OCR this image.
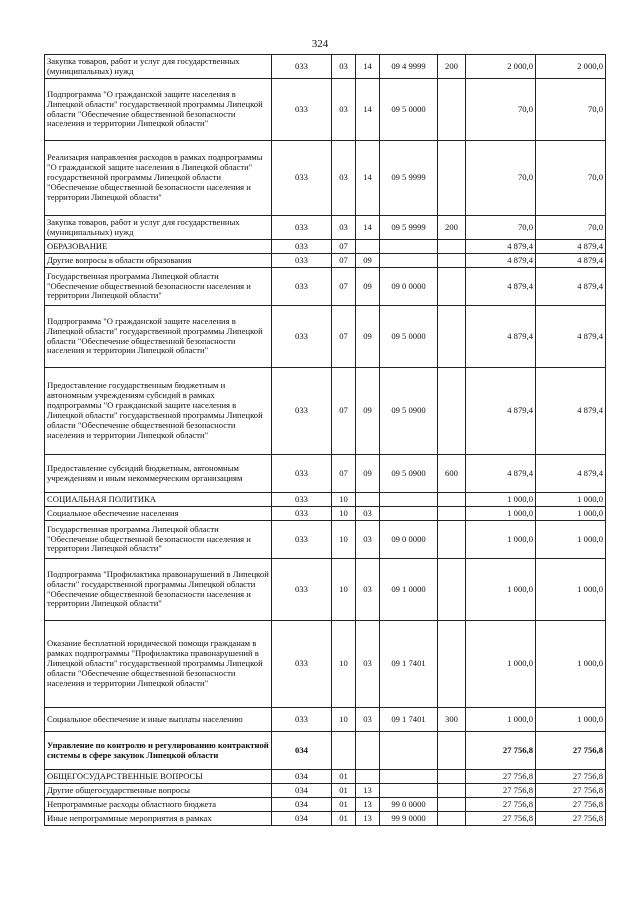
324
Закупка товаров, работ и услуг для государственных (муниципальных) нужд	033	03	14	09 4 9999	200	2 000,0	2 000,0
Подпрограмма "О гражданской защите населения в Липецкой области" государственной программы Липецкой области "Обеспечение общественной безопасности населения и территории Липецкой области"	033	03	14	09 5 0000		70,0	70,0
Реализация направления расходов в рамках подпрограммы "О гражданской защите населения в Липецкой области" государственной программы Липецкой области "Обеспечение общественной безопасности населения и территории Липецкой области"	033	03	14	09 5 9999		70,0	70,0
Закупка товаров, работ и услуг для государственных (муниципальных) нужд	033	03	14	09 5 9999	200	70,0	70,0
ОБРАЗОВАНИЕ	033	07				4 879,4	4 879,4
Другие вопросы в области образования	033	07	09			4 879,4	4 879,4
Государственная программа Липецкой области "Обеспечение общественной безопасности населения и территории Липецкой области"	033	07	09	09 0 0000		4 879,4	4 879,4
Подпрограмма "О гражданской защите населения в Липецкой области" государственной программы Липецкой области "Обеспечение общественной безопасности населения и территории Липецкой области"	033	07	09	09 5 0000		4 879,4	4 879,4
Предоставление государственным бюджетным и автономным учреждениям субсидий в рамках подпрограммы "О гражданской защите населения в Липецкой области" государственной программы Липецкой области "Обеспечение общественной безопасности населения и территории Липецкой области"	033	07	09	09 5 0900		4 879,4	4 879,4
Предоставление субсидий бюджетным, автономным учреждениям и иным некоммерческим организациям	033	07	09	09 5 0900	600	4 879,4	4 879,4
СОЦИАЛЬНАЯ ПОЛИТИКА	033	10				1 000,0	1 000,0
Социальное обеспечение населения	033	10	03			1 000,0	1 000,0
Государственная программа Липецкой области "Обеспечение общественной безопасности населения и территории Липецкой области"	033	10	03	09 0 0000		1 000,0	1 000,0
Подпрограмма "Профилактика правонарушений в Липецкой области" государственной программы Липецкой области "Обеспечение общественной безопасности населения и территории Липецкой области"	033	10	03	09 1 0000		1 000,0	1 000,0
Оказание бесплатной юридической помощи гражданам в рамках подпрограммы "Профилактика правонарушений в Липецкой области" государственной программы Липецкой области "Обеспечение общественной безопасности населения и территории Липецкой области"	033	10	03	09 1 7401		1 000,0	1 000,0
Социальное обеспечение и иные выплаты населению	033	10	03	09 1 7401	300	1 000,0	1 000,0
Управление по контролю и регулированию контрактной системы в сфере закупок Липецкой области	034					27 756,8	27 756,8
ОБЩЕГОСУДАРСТВЕННЫЕ ВОПРОСЫ	034	01				27 756,8	27 756,8
Другие общегосударственные вопросы	034	01	13			27 756,8	27 756,8
Непрограммные расходы областного бюджета	034	01	13	99 0 0000		27 756,8	27 756,8
Иные непрограммные мероприятия в рамках	034	01	13	99 9 0000		27 756,8	27 756,8
